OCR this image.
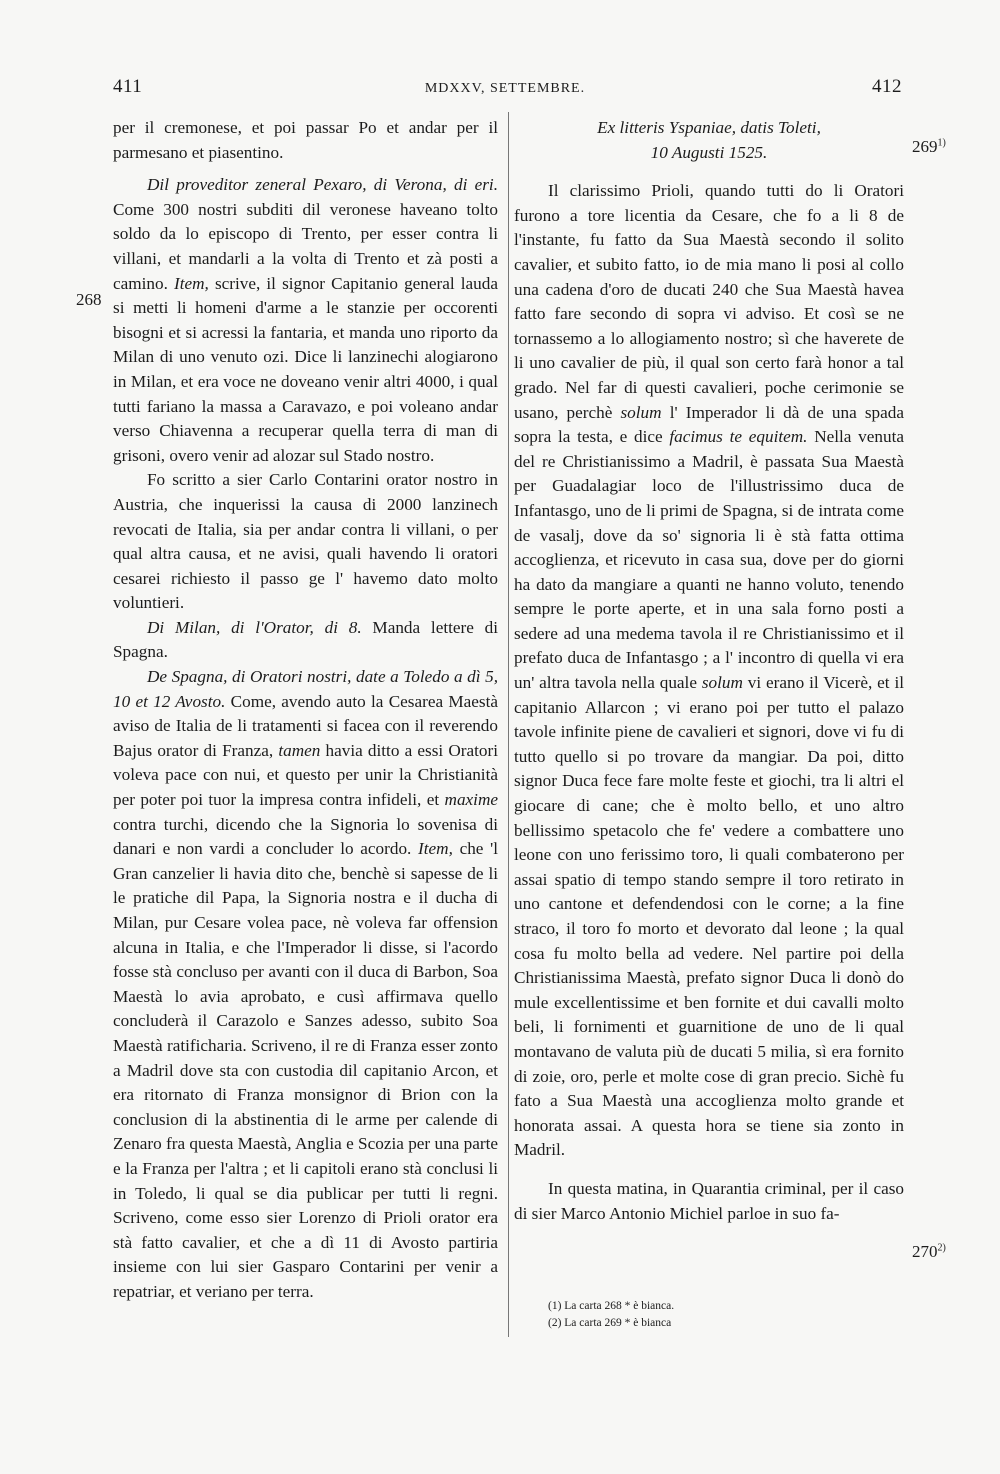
411	MDXXV, SETTEMBRE.	412
268
269$^{1)}$
270$^{2)}$

per il cremonese, et poi passar Po et andar per il parmesano et piasentino.

Dil proveditor zeneral Pexaro, di Verona, di eri. Come 300 nostri subditi dil veronese haveano tolto soldo da lo episcopo di Trento, per esser contra li villani, et mandarli a la volta di Trento et zà posti a camino. Item, scrive, il signor Capitanio general lauda si metti li homeni d'arme a le stanzie per occorenti bisogni et si acressi la fantaria, et manda uno riporto da Milan di uno venuto ozi. Dice li lanzinechi alogiarono in Milan, et era voce ne doveano venir altri 4000, i qual tutti fariano la massa a Caravazo, e poi voleano andar verso Chiavenna a recuperar quella terra di man di grisoni, overo venir ad alozar sul Stado nostro.

Fo scritto a sier Carlo Contarini orator nostro in Austria, che inquerissi la causa di 2000 lanzinech revocati de Italia, sia per andar contra li villani, o per qual altra causa, et ne avisi, quali havendo li oratori cesarei richiesto il passo ge l' havemo dato molto voluntieri.

Di Milan, di l'Orator, di 8. Manda lettere di Spagna.

De Spagna, di Oratori nostri, date a Toledo a dì 5, 10 et 12 Avosto. Come, avendo auto la Cesarea Maestà aviso de Italia de li tratamenti si facea con il reverendo Bajus orator di Franza, tamen havia ditto a essi Oratori voleva pace con nui, et questo per unir la Christianità per poter poi tuor la impresa contra infideli, et maxime contra turchi, dicendo che la Signoria lo sovenisa di danari e non vardi a concluder lo acordo. Item, che 'l Gran canzelier li havia dito che, benchè si sapesse de li le pratiche dil Papa, la Signoria nostra e il ducha di Milan, pur Cesare volea pace, nè voleva far offension alcuna in Italia, e che l'Imperador li disse, si l'acordo fosse stà concluso per avanti con il duca di Barbon, Soa Maestà lo avia aprobato, e cusì affirmava quello concluderà il Carazolo e Sanzes adesso, subito Soa Maestà ratificharia. Scriveno, il re di Franza esser zonto a Madril dove sta con custodia dil capitanio Arcon, et era ritornato di Franza monsignor di Brion con la conclusion di la abstinentia di le arme per calende di Zenaro fra questa Maestà, Anglia e Scozia per una parte e la Franza per l'altra ; et li capitoli erano stà conclusi li in Toledo, li qual se dia publicar per tutti li regni. Scriveno, come esso sier Lorenzo di Prioli orator era stà fatto cavalier, et che a dì 11 di Avosto partiria insieme con lui sier Gasparo Contarini per venir a repatriar, et veriano per terra.

Ex litteris Yspaniae, datis Toleti,

10 Augusti 1525.

Il clarissimo Prioli, quando tutti do li Oratori furono a tore licentia da Cesare, che fo a li 8 de l'instante, fu fatto da Sua Maestà secondo il solito cavalier, et subito fatto, io de mia mano li posi al collo una cadena d'oro de ducati 240 che Sua Maestà havea fatto fare secondo di sopra vi adviso. Et così se ne tornassemo a lo allogiamento nostro; sì che haverete de li uno cavalier de più, il qual son certo farà honor a tal grado. Nel far di questi cavalieri, poche cerimonie se usano, perchè solum l' Imperador li dà de una spada sopra la testa, e dice facimus te equitem. Nella venuta del re Christianissimo a Madril, è passata Sua Maestà per Guadalagiar loco de l'illustrissimo duca de Infantasgo, uno de li primi de Spagna, si de intrata come de vasalj, dove da so' signoria li è stà fatta ottima accoglienza, et ricevuto in casa sua, dove per do giorni ha dato da mangiare a quanti ne hanno voluto, tenendo sempre le porte aperte, et in una sala forno posti a sedere ad una medema tavola il re Christianissimo et il prefato duca de Infantasgo ; a l' incontro di quella vi era un' altra tavola nella quale solum vi erano il Vicerè, et il capitanio Allarcon ; vi erano poi per tutto el palazo tavole infinite piene de cavalieri et signori, dove vi fu di tutto quello si po trovare da mangiar. Da poi, ditto signor Duca fece fare molte feste et giochi, tra li altri el giocare di cane; che è molto bello, et uno altro bellissimo spetacolo che fe' vedere a combattere uno leone con uno ferissimo toro, li quali combaterono per assai spatio di tempo stando sempre il toro retirato in uno cantone et defendendosi con le corne; a la fine straco, il toro fo morto et devorato dal leone ; la qual cosa fu molto bella ad vedere. Nel partire poi della Christianissima Maestà, prefato signor Duca li donò do mule excellentissime et ben fornite et dui cavalli molto beli, li fornimenti et guarnitione de uno de li qual montavano de valuta più de ducati 5 milia, sì era fornito di zoie, oro, perle et molte cose di gran precio. Sichè fu fato a Sua Maestà una accoglienza molto grande et honorata assai. A questa hora se tiene sia zonto in Madril.

In questa matina, in Quarantia criminal, per il caso di sier Marco Antonio Michiel parloe in suo fa-

(1) La carta 268 * è bianca.
(2) La carta 269 * è bianca
